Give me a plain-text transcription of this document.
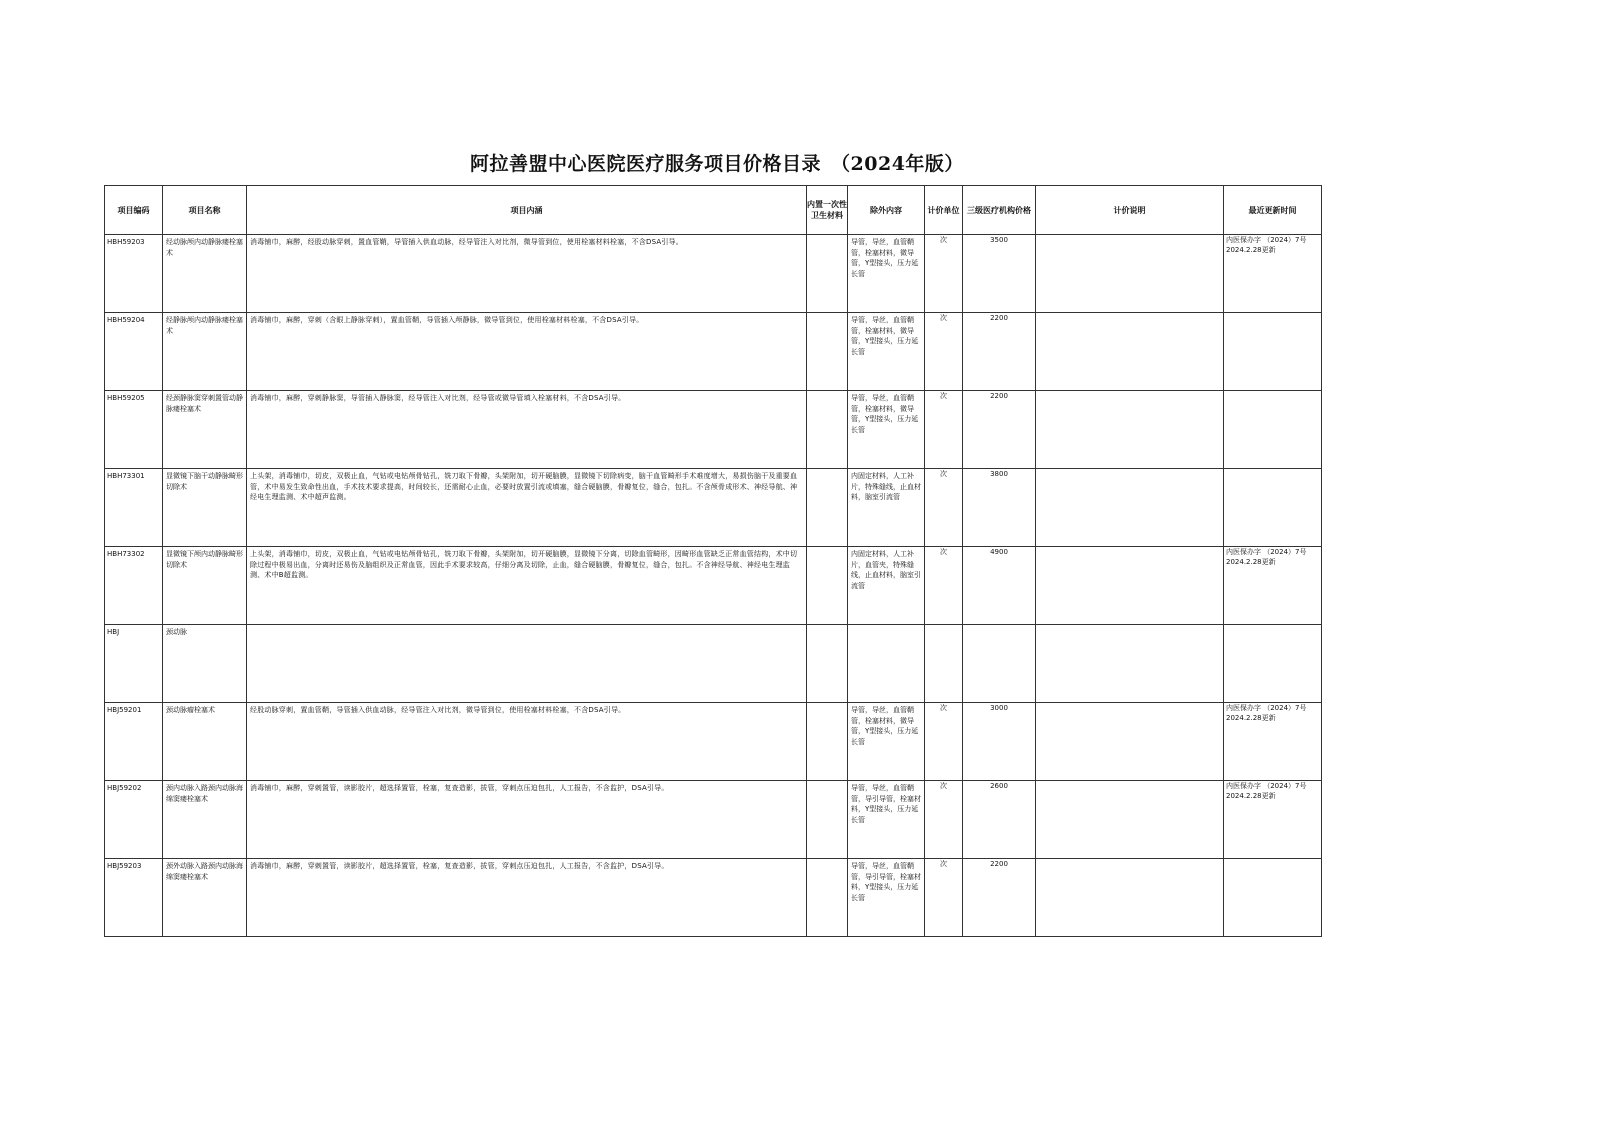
阿拉善盟中心医院医疗服务项目价格目录　（2024年版）
项目编码	项目名称	项目内涵	内置一次性卫生材料	除外内容	计价单位	三级医疗机构价格	计价说明	最近更新时间

HBH59203	经动脉颅内动静脉瘘栓塞术	消毒铺巾，麻醉，经股动脉穿刺，置血管鞘，导管插入供血动脉，经导管注入对比剂，微导管到位，使用栓塞材料栓塞，不含DSA引导。		导管，导丝，血管鞘管，栓塞材料，微导管，Y型接头，压力延长管	次	3500		内医保办字 （2024）7号 2024.2.28更新

HBH59204	经静脉颅内动静脉瘘栓塞术	消毒铺巾，麻醉，穿刺（含眼上静脉穿刺），置血管鞘，导管插入颅静脉，微导管到位，使用栓塞材料栓塞，不含DSA引导。		导管，导丝，血管鞘管，栓塞材料，微导管，Y型接头，压力延长管	次	2200		

HBH59205	经颈静脉窦穿刺置管动静脉瘘栓塞术	消毒铺巾，麻醉，穿刺静脉窦，导管插入静脉窦，经导管注入对比剂，经导管或微导管填入栓塞材料，不含DSA引导。		导管，导丝，血管鞘管，栓塞材料，微导管，Y型接头，压力延长管	次	2200		

HBH73301	显微镜下脑干动静脉畸形切除术	上头架，消毒铺巾，切皮，双极止血，气钻或电钻颅骨钻孔，铣刀取下骨瓣，头架附加，切开硬脑膜，显微镜下切除病变，脑干血管畸形手术难度增大，易损伤脑干及重要血管，术中易发生致命性出血，手术技术要求提高，时间较长，还需耐心止血，必要时放置引流或填塞，缝合硬脑膜，骨瓣复位，缝合，包扎。不含颅骨成形术、神经导航、神经电生理监测、术中超声监测。		内固定材料，人工补片，特殊缝线，止血材料，脑室引流管	次	3800		

HBH73302	显微镜下颅内动静脉畸形切除术	上头架，消毒铺巾，切皮，双极止血，气钻或电钻颅骨钻孔，铣刀取下骨瓣，头架附加，切开硬脑膜，显微镜下分离，切除血管畸形，因畸形血管缺乏正常血管结构，术中切除过程中极易出血，分离时还易伤及脑组织及正常血管，因此手术要求较高，仔细分离及切除，止血，缝合硬脑膜，骨瓣复位，缝合，包扎。不含神经导航、神经电生理监测、术中B超监测。		内固定材料，人工补片，血管夹，特殊缝线，止血材料，脑室引流管	次	4900		内医保办字 （2024）7号 2024.2.28更新

HBJ	颈动脉							

HBJ59201	颈动脉瘤栓塞术	经股动脉穿刺，置血管鞘，导管插入供血动脉，经导管注入对比剂，微导管到位，使用栓塞材料栓塞，不含DSA引导。		导管，导丝，血管鞘管，栓塞材料，微导管，Y型接头，压力延长管	次	3000		内医保办字 （2024）7号 2024.2.28更新

HBJ59202	颈内动脉入路颈内动脉海绵窦瘘栓塞术	消毒铺巾，麻醉，穿刺置管，读影胶片，超选择置管，栓塞，复查造影，拔管，穿刺点压迫包扎，人工报告，不含监护，DSA引导。		导管，导丝，血管鞘管，导引导管，栓塞材料，Y型接头，压力延长管	次	2600		内医保办字 （2024）7号 2024.2.28更新

HBJ59203	颈外动脉入路颈内动脉海绵窦瘘栓塞术	消毒铺巾，麻醉，穿刺置管，读影胶片，超选择置管，栓塞，复查造影，拔管，穿刺点压迫包扎，人工报告，不含监护，DSA引导。		导管，导丝，血管鞘管，导引导管，栓塞材料，Y型接头，压力延长管	次	2200		
